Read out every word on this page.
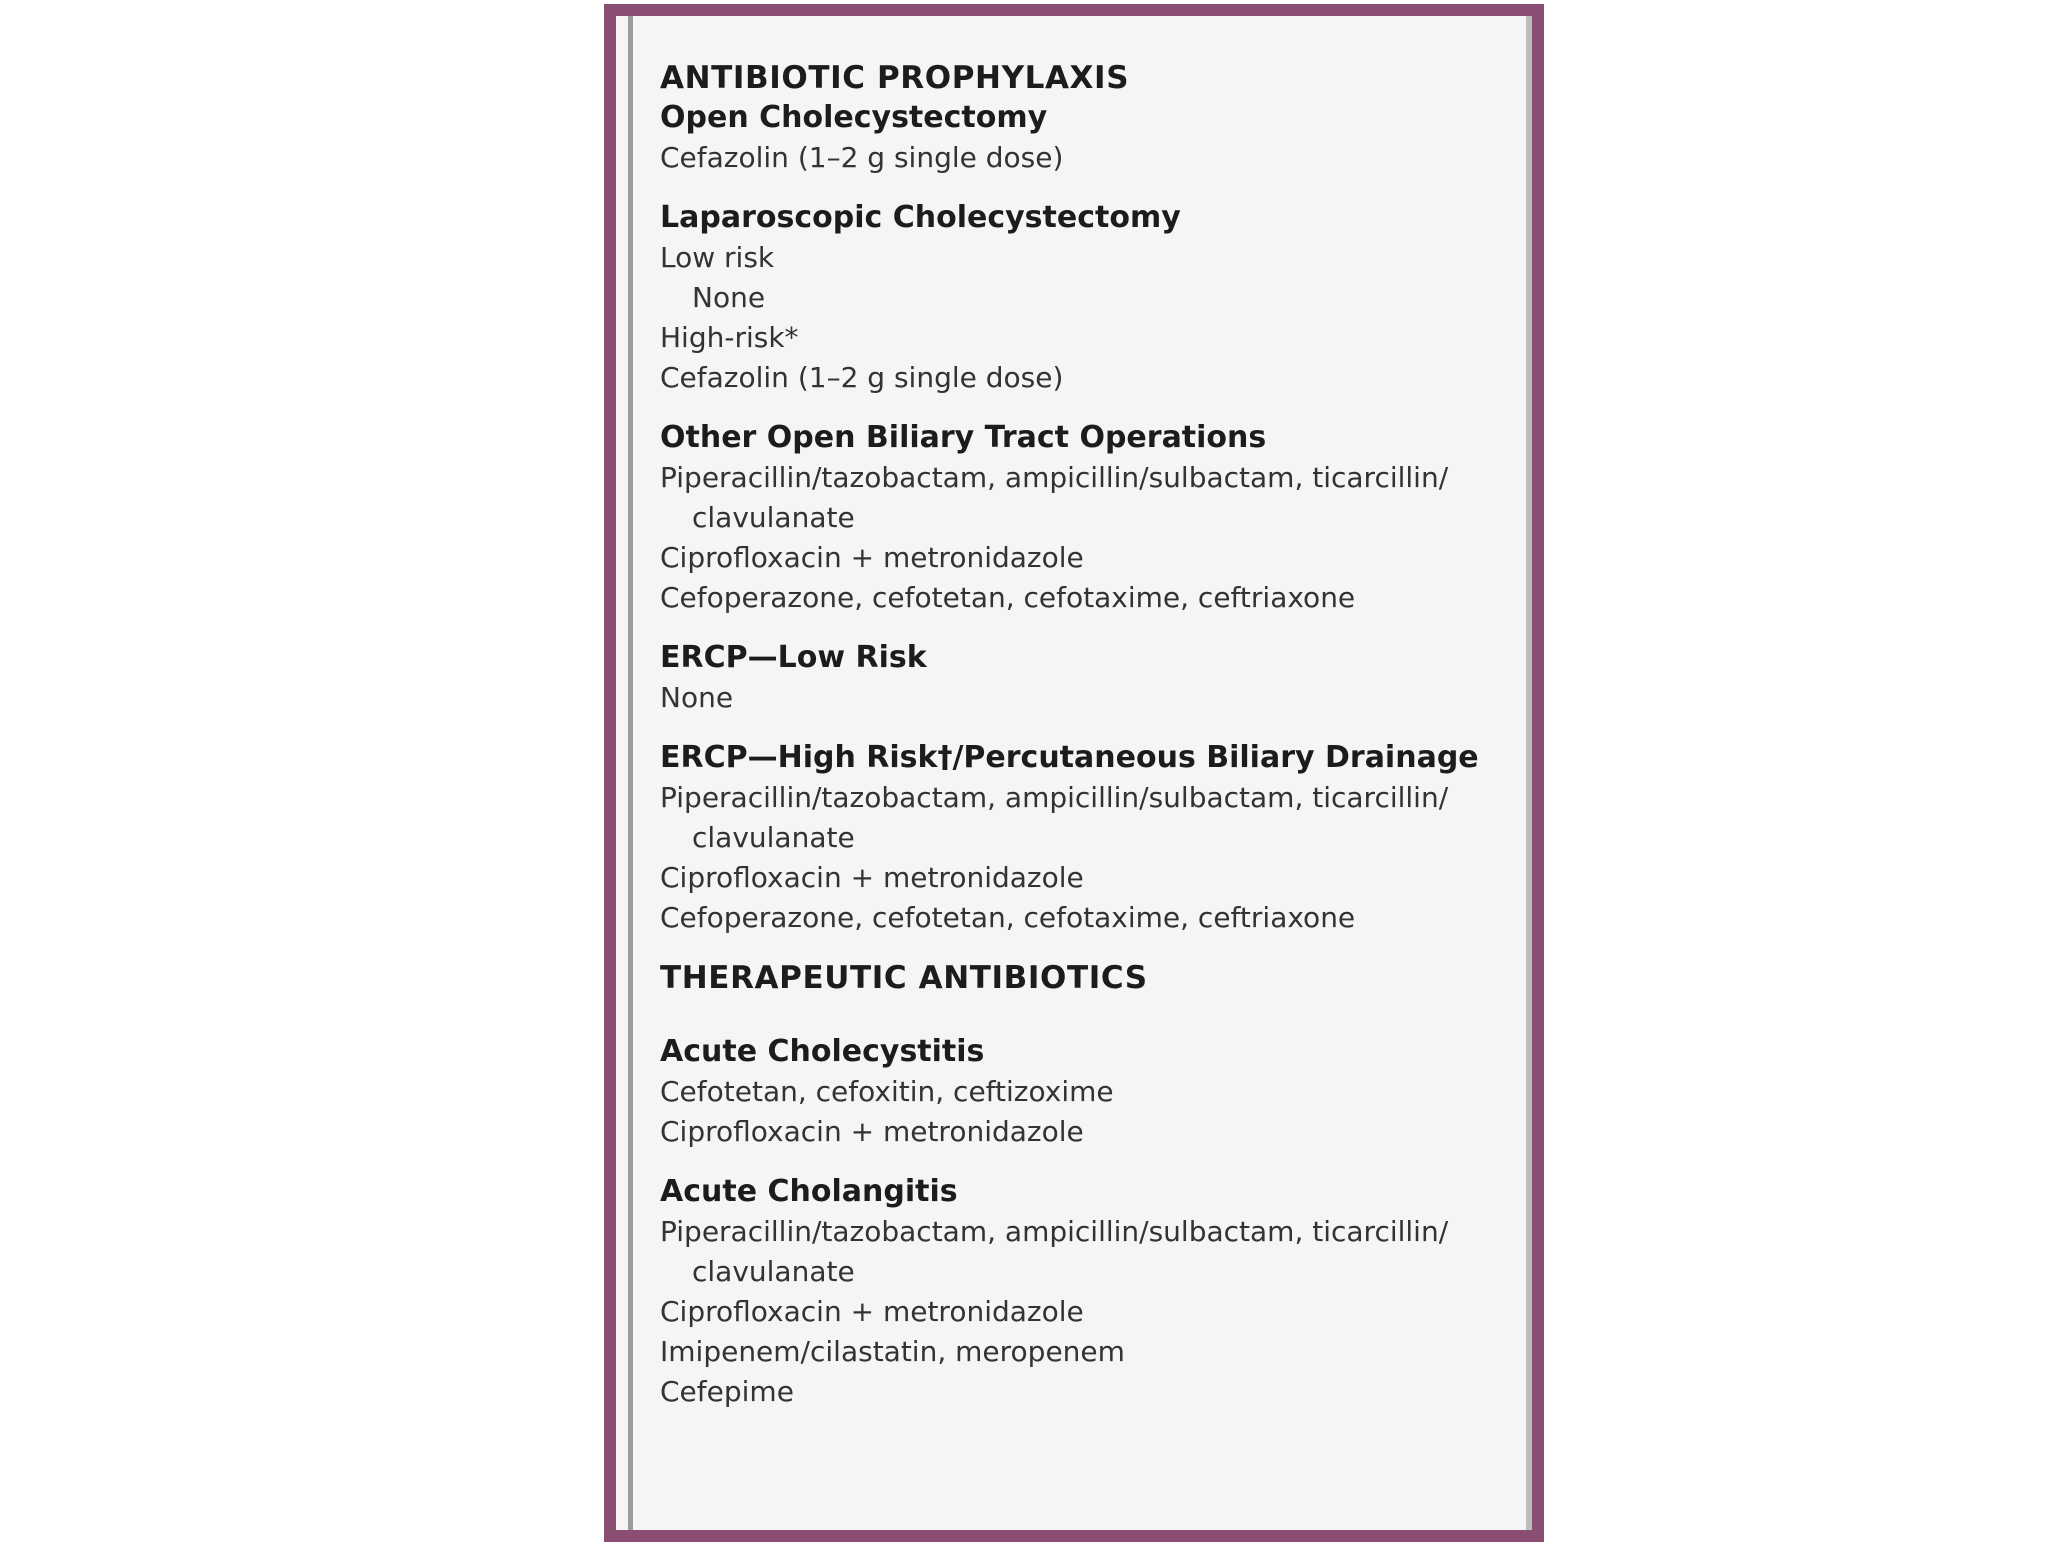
ANTIBIOTIC PROPHYLAXIS

Open Cholecystectomy

Cefazolin (1–2 g single dose)

Laparoscopic Cholecystectomy

Low risk

None

High-risk*

Cefazolin (1–2 g single dose)

Other Open Biliary Tract Operations

Piperacillin/tazobactam, ampicillin/sulbactam, ticarcillin/

clavulanate

Ciprofloxacin + metronidazole

Cefoperazone, cefotetan, cefotaxime, ceftriaxone

ERCP—Low Risk

None

ERCP—High Risk†/Percutaneous Biliary Drainage

Piperacillin/tazobactam, ampicillin/sulbactam, ticarcillin/

clavulanate

Ciprofloxacin + metronidazole

Cefoperazone, cefotetan, cefotaxime, ceftriaxone

THERAPEUTIC ANTIBIOTICS

Acute Cholecystitis

Cefotetan, cefoxitin, ceftizoxime

Ciprofloxacin + metronidazole

Acute Cholangitis

Piperacillin/tazobactam, ampicillin/sulbactam, ticarcillin/

clavulanate

Ciprofloxacin + metronidazole

Imipenem/cilastatin, meropenem

Cefepime
